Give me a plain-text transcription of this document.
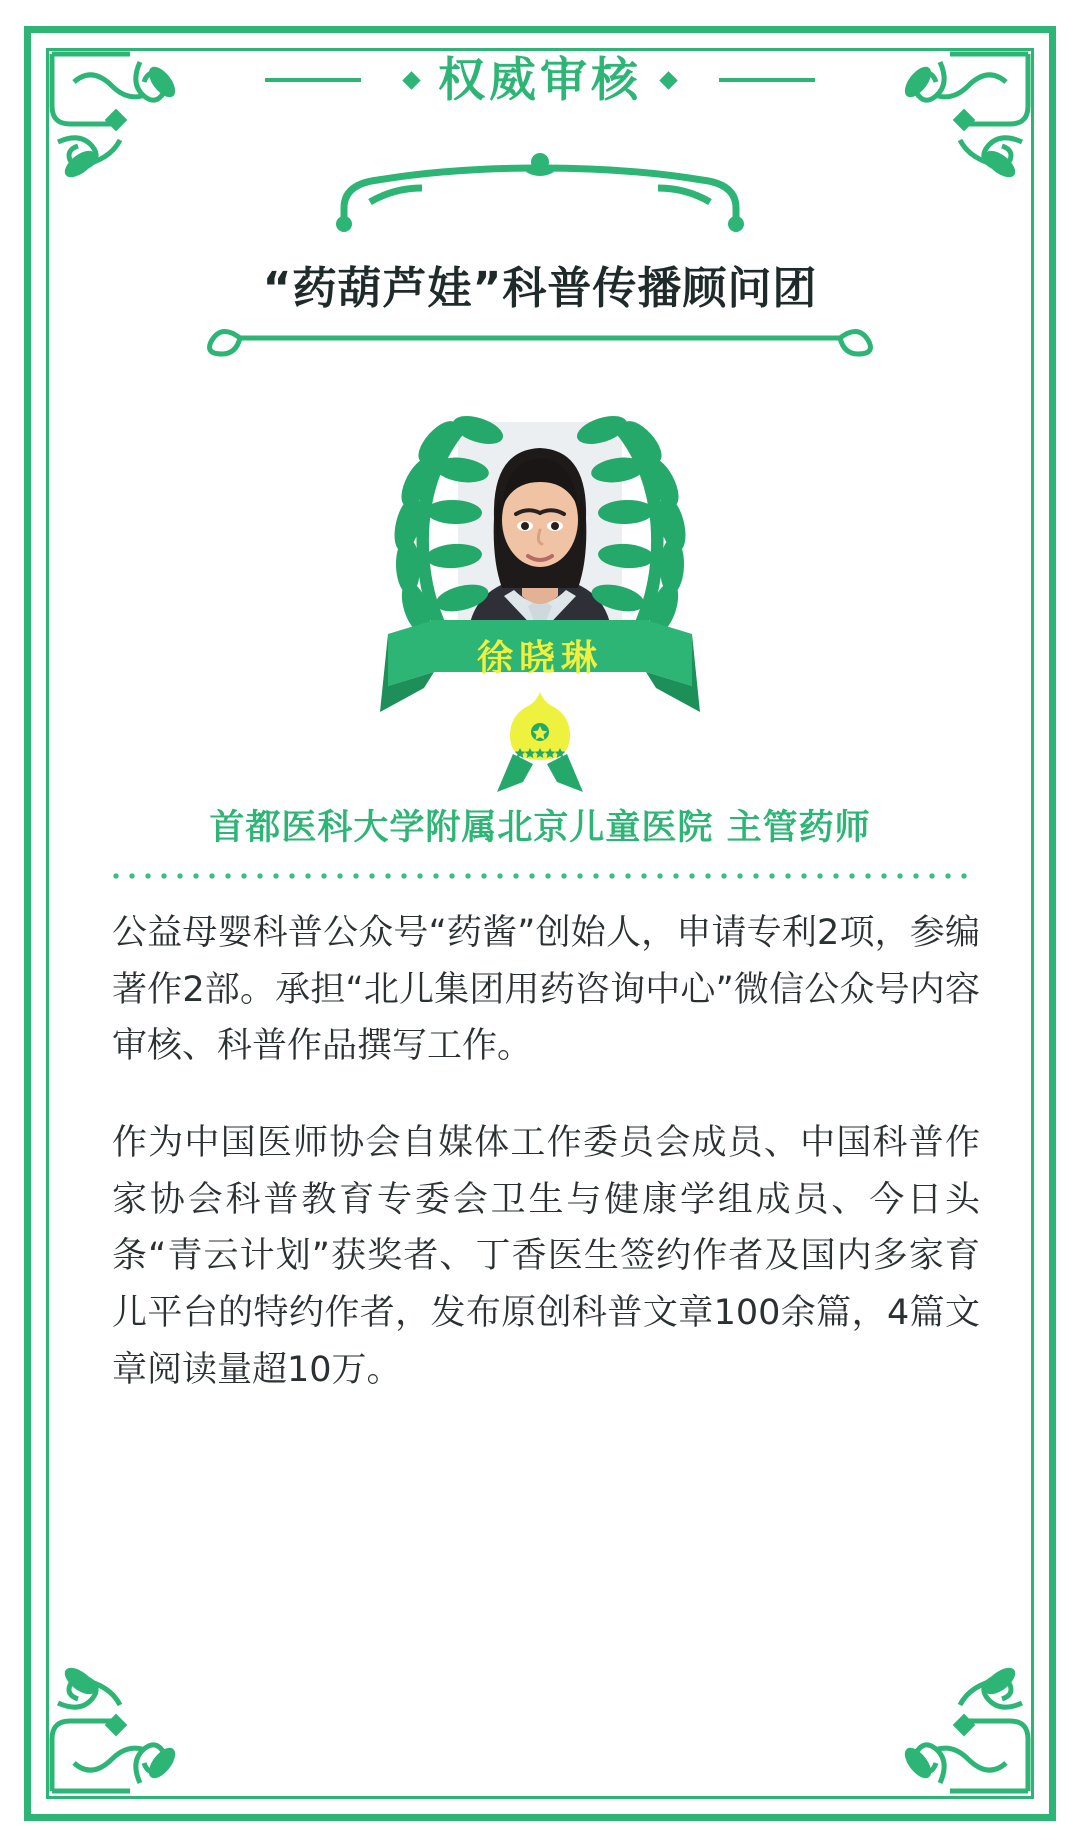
权威审核
“药葫芦娃”科普传播顾问团
徐晓琳
首都医科大学附属北京儿童医院 主管药师

公益母婴科普公众号“药酱”创始人，申请专利2项，参编著作2部。承担“北儿集团用药咨询中心”微信公众号内容审核、科普作品撰写工作。

作为中国医师协会自媒体工作委员会成员、中国科普作家协会科普教育专委会卫生与健康学组成员、今日头条“青云计划”获奖者、丁香医生签约作者及国内多家育儿平台的特约作者，发布原创科普文章100余篇，4篇文章阅读量超10万。
